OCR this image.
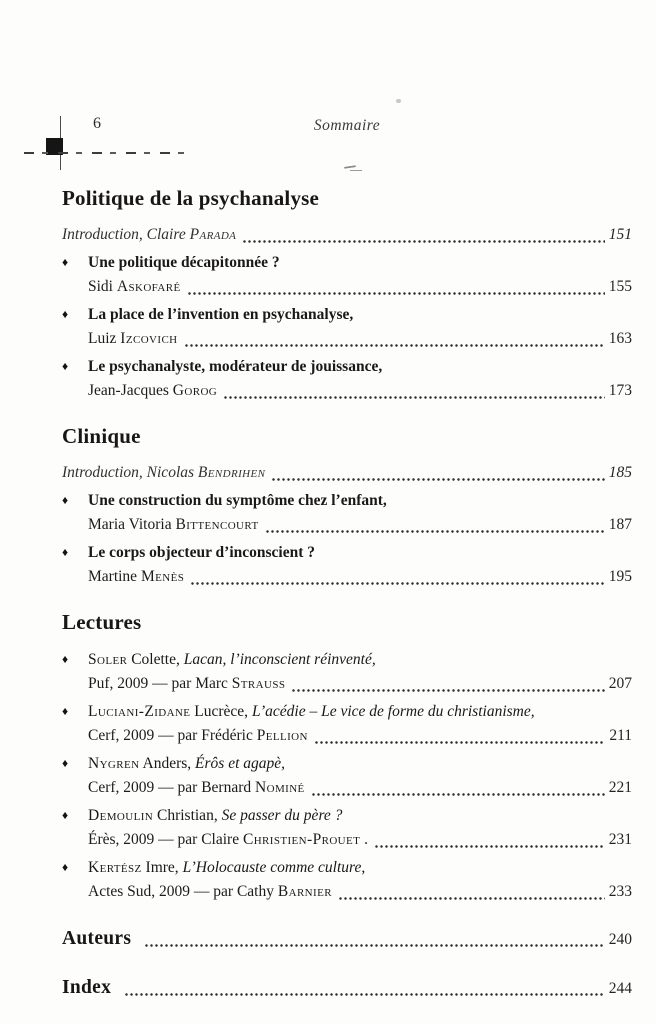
6	Sommaire
Politique de la psychanalyse
Introduction, Claire Parada	151
♦	Une politique décapitonnée ?
Sidi Askofaré	155
♦	La place de l’invention en psychanalyse,
Luiz Izcovich	163
♦	Le psychanalyste, modérateur de jouissance,
Jean-Jacques Gorog	173
Clinique
Introduction, Nicolas Bendrihen	185
♦	Une construction du symptôme chez l’enfant,
Maria Vitoria Bittencourt	187
♦	Le corps objecteur d’inconscient ?
Martine Menès	195
Lectures
♦	Soler Colette, Lacan, l’inconscient réinventé,
Puf, 2009 — par Marc Strauss	207
♦	Luciani-Zidane Lucrèce, L’acédie – Le vice de forme du christianisme,
Cerf, 2009 — par Frédéric Pellion	211
♦	Nygren Anders, Érôs et agapè,
Cerf, 2009 — par Bernard Nominé	221
♦	Demoulin Christian, Se passer du père ?
Érès, 2009 — par Claire Christien-Prouet .	231
♦	Kertész Imre, L’Holocauste comme culture,
Actes Sud, 2009 — par Cathy Barnier	233
Auteurs	240
Index	244
